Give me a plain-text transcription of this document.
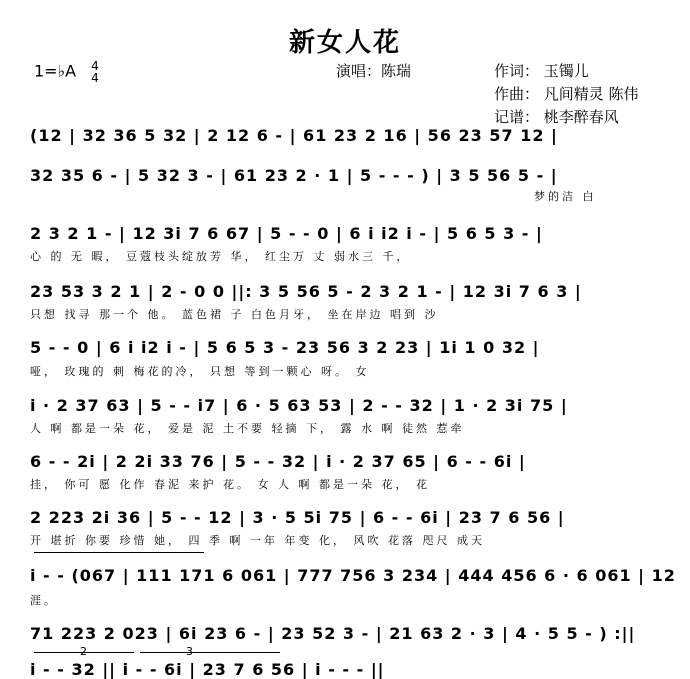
新女人花
1=♭A 4
4	演唱：陈瑞	作词： 玉镯儿
作曲： 凡间精灵 陈伟
记谱： 桃李醉春风
(12 | 32 36 5 32 | 2 12 6 - | 61 23 2 16 | 56 23 57 12 |
32 35 6 - | 5 32 3 - | 61 23 2 · 1 | 5 - - - ) | 3 5 56 5 - |
梦的洁 白
2 3 2 1 - | 12 3i 7 6 67 | 5 - - 0 | 6 i i2 i - | 5 6 5 3 - |
心 的 无 暇， 豆蔻枝头绽放芳 华， 红尘万 丈 弱水三 千，
23 53 3 2 1 | 2 - 0 0 ||: 3 5 56 5 - 2 3 2 1 - | 12 3i 7 6 3 |
只想 找寻 那一个 他。 蓝色裙 子 白色月牙， 坐在岸边 唱到 沙
5 - - 0 | 6 i i2 i - | 5 6 5 3 - 23 56 3 2 23 | 1i 1 0 32 |
哑， 玫瑰的 刺 梅花的冷， 只想 等到一颗心 呀。 女
i · 2 37 63 | 5 - - i7 | 6 · 5 63 53 | 2 - - 32 | 1 · 2 3i 75 |
人 啊 都是一朵 花， 爱是 泥 土不要 轻摘 下， 露 水 啊 徒然 惹牵
6 - - 2i | 2 2i 33 76 | 5 - - 32 | i · 2 37 65 | 6 - - 6i |
挂， 你可 愿 化作 春泥 来护 花。 女 人 啊 都是一朵 花， 花
2 223 2i 36 | 5 - - 12 | 3 · 5 5i 75 | 6 - - 6i | 23 7 6 56 |
开 堪折 你要 珍惜 她， 四 季 啊 一年 年变 化， 风吹 花落 咫尺 成天
i - - (067 | 111 171 6 061 | 777 756 3 234 | 444 456 6 · 6 061 | 12
涯。
71 223 2 023 | 6i 23 6 - | 23 52 3 - | 21 63 2 · 3 | 4 · 5 5 - ) :||
2	3
i - - 32 || i - - 6i | 23 7 6 56 | i - - - ||
